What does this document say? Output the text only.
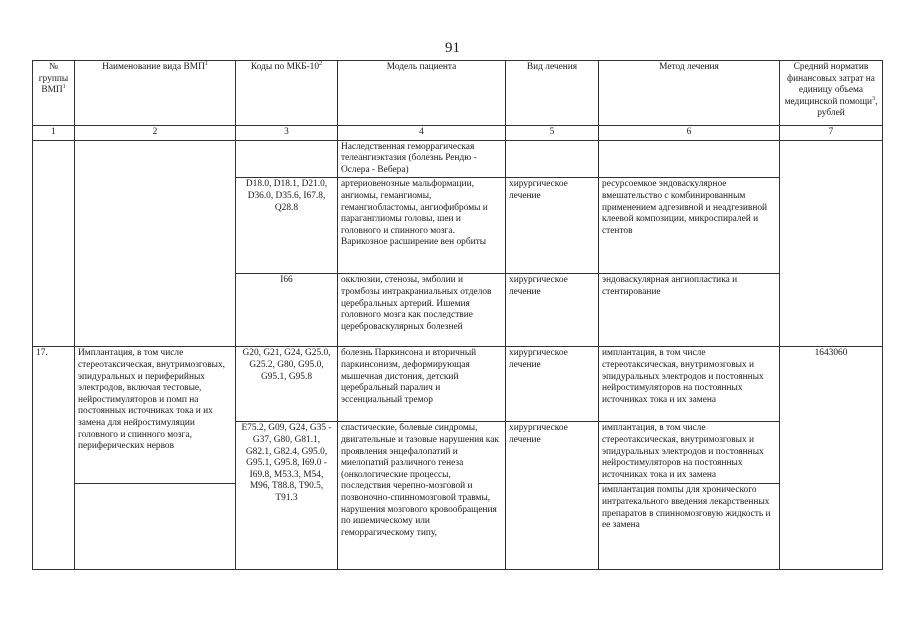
91
№ группы ВМП$^1$	Наименование вида ВМП$^1$	Коды по МКБ-$10^2$	Модель пациента	Вид лечения	Метод лечения	Средний норматив финансовых затрат на единицу объема медицинской помощи$^3$, рублей
1	2	3	4	5	6	7
			Наследственная геморрагическая телеангиэктазия (болезнь Рендю - Ослера - Вебера)			
		D18.0, D18.1, D21.0, D36.0, D35.6, I67.8, Q28.8	артериовенозные мальформации, ангиомы, гемангиомы, гемангиобластомы, ангиофибромы и параганглиомы головы, шеи и головного и спинного мозга. Варикозное расширение вен орбиты	хирургическое лечение	ресурсоемкое эндоваскулярное вмешательство с комбинированным применением адгезивной и неадгезивной клеевой композиции, микроспиралей и стентов	
		I66	окклюзии, стенозы, эмболии и тромбозы интракраниальных отделов церебральных артерий. Ишемия головного мозга как последствие цереброваскулярных болезней	хирургическое лечение	эндоваскулярная ангиопластика и стентирование	
17.	Имплантация, в том числе стереотаксическая, внутримозговых, эпидуральных и периферийных электродов, включая тестовые, нейростимуляторов и помп на постоянных источниках тока и их замена для нейростимуляции головного и спинного мозга, периферических нервов	G20, G21, G24, G25.0, G25.2, G80, G95.0, G95.1, G95.8	болезнь Паркинсона и вторичный паркинсонизм, деформирующая мышечная дистония, детский церебральный паралич и эссенциальный тремор	хирургическое лечение	имплантация, в том числе стереотаксическая, внутримозговых и эпидуральных электродов и постоянных нейростимуляторов на постоянных источниках тока и их замена	1643060
		E75.2, G09, G24, G35 - G37, G80, G81.1, G82.1, G82.4, G95.0, G95.1, G95.8, I69.0 - I69.8, M53.3, M54, M96, T88.8, T90.5, T91.3	спастические, болевые синдромы, двигательные и тазовые нарушения как проявления энцефалопатий и миелопатий различного генеза (онкологические процессы, последствия черепно-мозговой и позвоночно-спинномозговой травмы, нарушения мозгового кровообращения по ишемическому или геморрагическому типу,	хирургическое лечение	имплантация, в том числе стереотаксическая, внутримозговых и эпидуральных электродов и постоянных нейростимуляторов на постоянных источниках тока и их замена	
					имплантация помпы для хронического интратекального введения лекарственных препаратов в спинномозговую жидкость и ее замена	
